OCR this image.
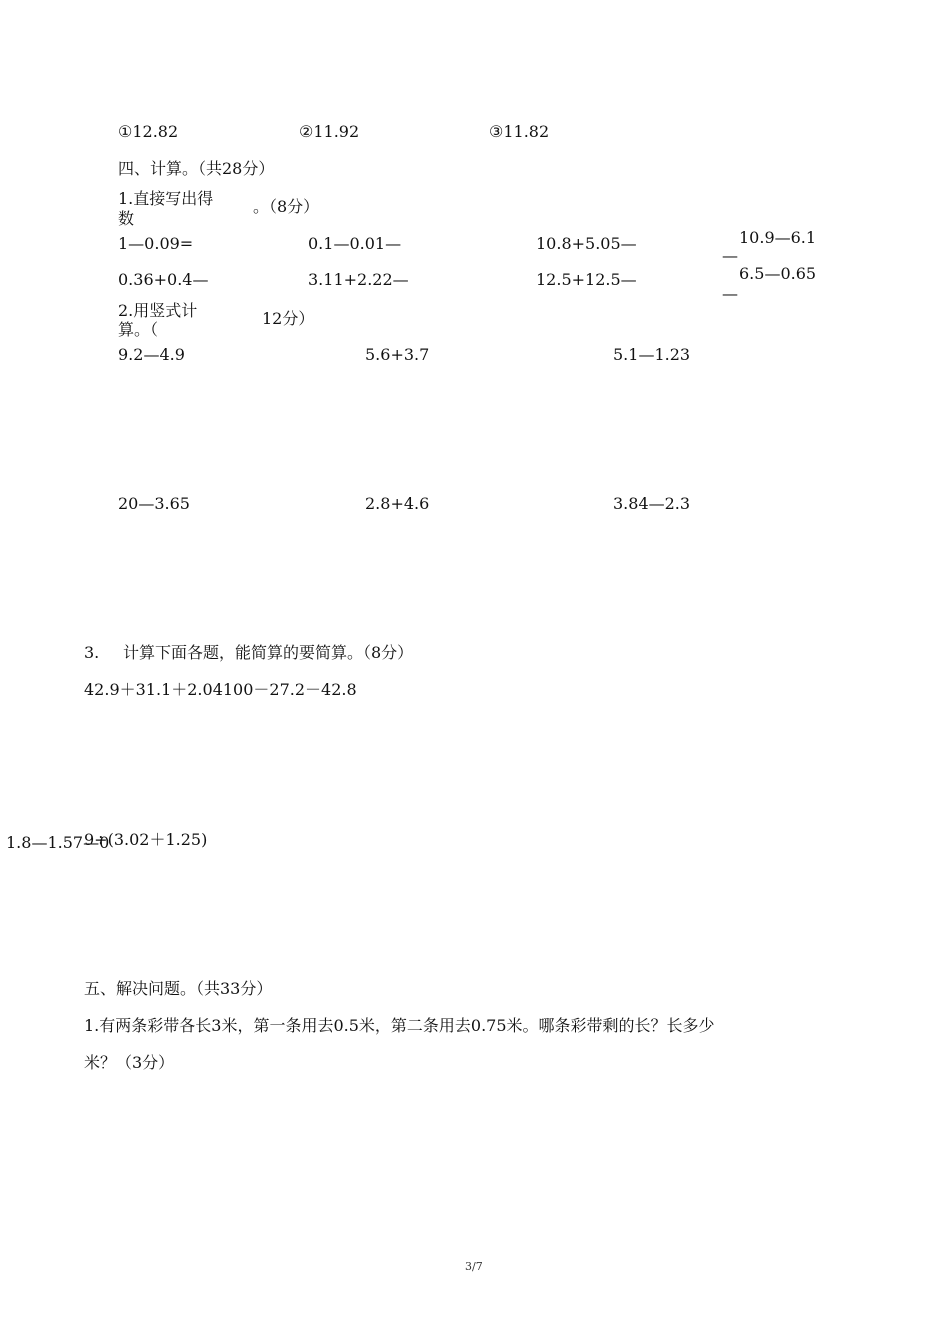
①12.82	②11.92	③11.82
四、计算。（共28分）
1.直接写出得
数
。（8分）
1—0.09=	0.1—0.01—	10.8+5.05—	10.9—6.1
—
0.36+0.4—	3.11+2.22—	12.5+12.5—	6.5—0.65
—
2.用竖式计
算。（
12分）
9.2—4.9	5.6+3.7	5.1—1.23
20—3.65	2.8+4.6	3.84—2.3
3. 计算下面各题，能简算的要简算。（8分）
42.9＋31.1＋2.04100－27.2－42.8
1.8—1.57—0
9÷(3.02＋1.25)
五、解决问题。（共33分）
1.有两条彩带各长3米，第一条用去0.5米，第二条用去0.75米。哪条彩带剩的长？长多少
米？（3分）
3/7
